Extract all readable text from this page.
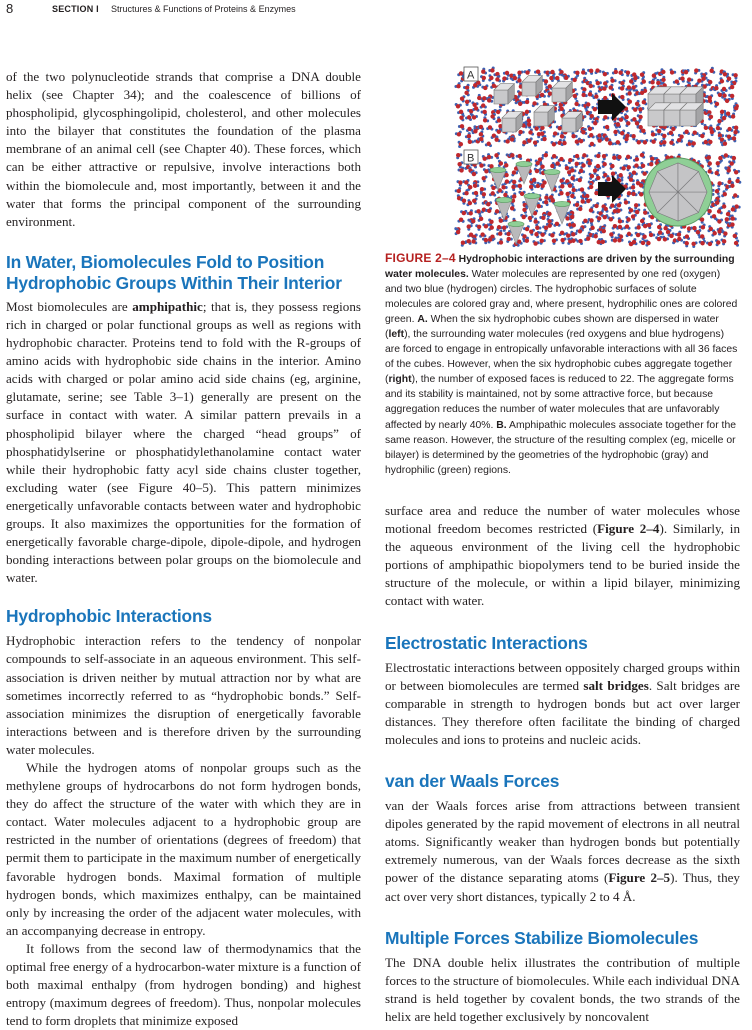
8	SECTION I Structures & Functions of Proteins & Enzymes

of the two polynucleotide strands that comprise a DNA double helix (see Chapter 34); and the coalescence of billions of phospholipid, glycosphingolipid, cholesterol, and other molecules into the bilayer that constitutes the foundation of the plasma membrane of an animal cell (see Chapter 40). These forces, which can be either attractive or repulsive, involve interactions both within the biomolecule and, most importantly, between it and the water that forms the principal component of the surrounding environment.

In Water, Biomolecules Fold to Position Hydrophobic Groups Within Their Interior

Most biomolecules are amphipathic; that is, they possess regions rich in charged or polar functional groups as well as regions with hydrophobic character. Proteins tend to fold with the R-groups of amino acids with hydrophobic side chains in the interior. Amino acids with charged or polar amino acid side chains (eg, arginine, glutamate, serine; see Table 3–1) generally are present on the surface in contact with water. A similar pattern prevails in a phospholipid bilayer where the charged “head groups” of phosphatidylserine or phosphatidylethanolamine contact water while their hydrophobic fatty acyl side chains cluster together, excluding water (see Figure 40–5). This pattern minimizes energetically unfavorable contacts between water and hydrophobic groups. It also maximizes the opportunities for the formation of energetically favorable charge-dipole, dipole-dipole, and hydrogen bonding interactions between polar groups on the biomolecule and water.

Hydrophobic Interactions

Hydrophobic interaction refers to the tendency of nonpolar compounds to self-associate in an aqueous environment. This self-association is driven neither by mutual attraction nor by what are sometimes incorrectly referred to as “hydrophobic bonds.” Self-association minimizes the disruption of energetically favorable interactions between and is therefore driven by the surrounding water molecules.

While the hydrogen atoms of nonpolar groups such as the methylene groups of hydrocarbons do not form hydrogen bonds, they do affect the structure of the water with which they are in contact. Water molecules adjacent to a hydrophobic group are restricted in the number of orientations (degrees of freedom) that permit them to participate in the maximum number of energetically favorable hydrogen bonds. Maximal formation of multiple hydrogen bonds, which maximizes enthalpy, can be maintained only by increasing the order of the adjacent water molecules, with an accompanying decrease in entropy.

It follows from the second law of thermodynamics that the optimal free energy of a hydrocarbon-water mixture is a function of both maximal enthalpy (from hydrogen bonding) and highest entropy (maximum degrees of freedom). Thus, nonpolar molecules tend to form droplets that minimize exposed

A
B
FIGURE 2–4 Hydrophobic interactions are driven by the surrounding water molecules. Water molecules are represented by one red (oxygen) and two blue (hydrogen) circles. The hydrophobic surfaces of solute molecules are colored gray and, where present, hydrophilic ones are colored green. A. When the six hydrophobic cubes shown are dispersed in water (left), the surrounding water molecules (red oxygens and blue hydrogens) are forced to engage in entropically unfavorable interactions with all 36 faces of the cubes. However, when the six hydrophobic cubes aggregate together (right), the number of exposed faces is reduced to 22. The aggregate forms and its stability is maintained, not by some attractive force, but because aggregation reduces the number of water molecules that are unfavorably affected by nearly 40%. B. Amphipathic molecules associate together for the same reason. However, the structure of the resulting complex (eg, micelle or bilayer) is determined by the geometries of the hydrophobic (gray) and hydrophilic (green) regions.

surface area and reduce the number of water molecules whose motional freedom becomes restricted (Figure 2–4). Similarly, in the aqueous environment of the living cell the hydrophobic portions of amphipathic biopolymers tend to be buried inside the structure of the molecule, or within a lipid bilayer, minimizing contact with water.

Electrostatic Interactions

Electrostatic interactions between oppositely charged groups within or between biomolecules are termed salt bridges. Salt bridges are comparable in strength to hydrogen bonds but act over larger distances. They therefore often facilitate the binding of charged molecules and ions to proteins and nucleic acids.

van der Waals Forces

van der Waals forces arise from attractions between transient dipoles generated by the rapid movement of electrons in all neutral atoms. Significantly weaker than hydrogen bonds but potentially extremely numerous, van der Waals forces decrease as the sixth power of the distance separating atoms (Figure 2–5). Thus, they act over very short distances, typically 2 to 4 Å.

Multiple Forces Stabilize Biomolecules

The DNA double helix illustrates the contribution of multiple forces to the structure of biomolecules. While each individual DNA strand is held together by covalent bonds, the two strands of the helix are held together exclusively by noncovalent
